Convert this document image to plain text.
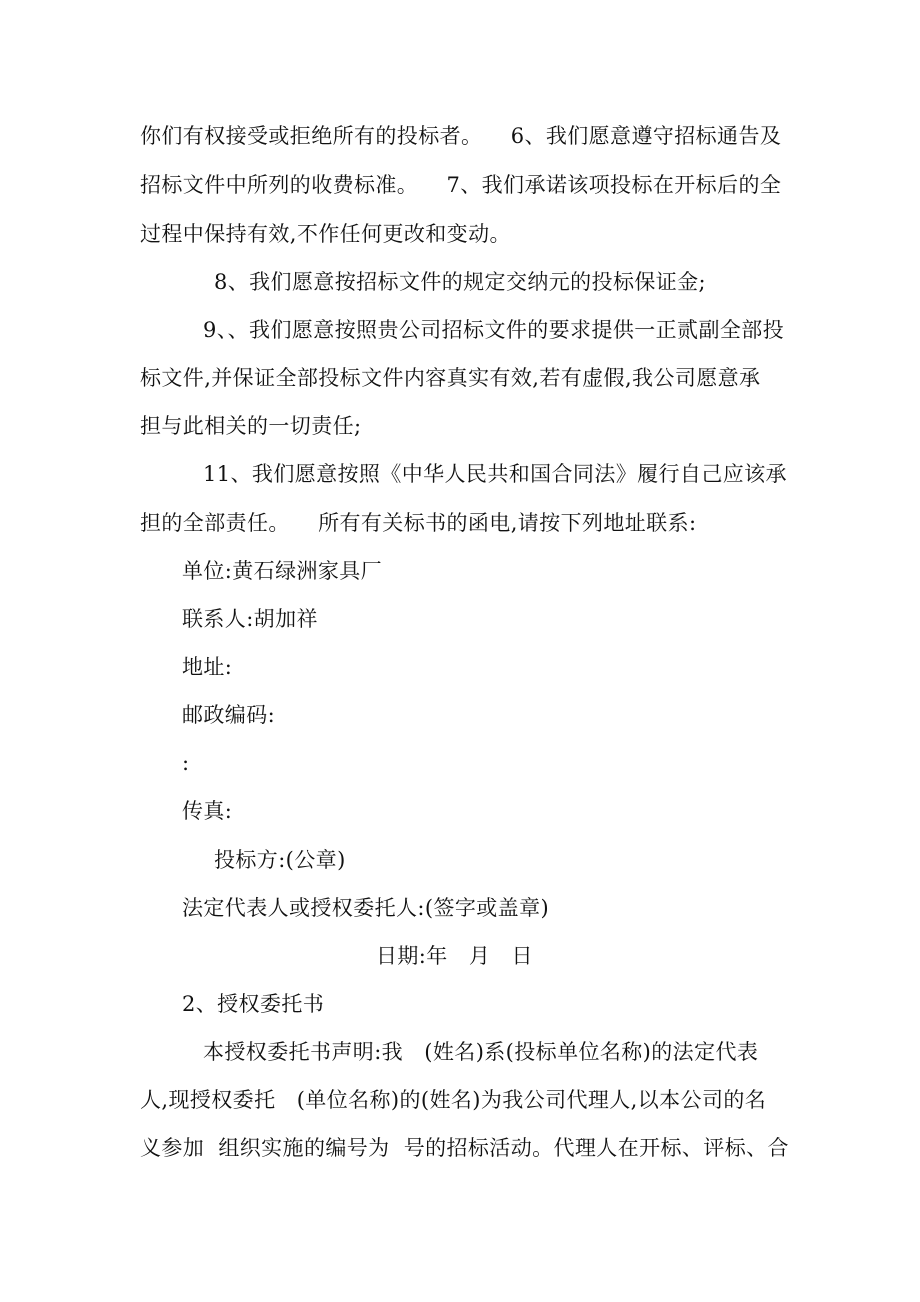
你们有权接受或拒绝所有的投标者。    6、我们愿意遵守招标通告及
招标文件中所列的收费标准。    7、我们承诺该项投标在开标后的全
过程中保持有效,不作任何更改和变动。
8、我们愿意按招标文件的规定交纳元的投标保证金;
9、、我们愿意按照贵公司招标文件的要求提供一正贰副全部投
标文件,并保证全部投标文件内容真实有效,若有虚假,我公司愿意承
担与此相关的一切责任;
11、我们愿意按照《中华人民共和国合同法》履行自己应该承
担的全部责任。    所有有关标书的函电,请按下列地址联系:
单位:黄石绿洲家具厂
联系人:胡加祥
地址:
邮政编码:
:
传真:
投标方:(公章)
法定代表人或授权委托人:(签字或盖章)
日期:年   月   日
2、授权委托书
本授权委托书声明:我   (姓名)系(投标单位名称)的法定代表
人,现授权委托   (单位名称)的(姓名)为我公司代理人,以本公司的名
义参加  组织实施的编号为  号的招标活动。代理人在开标、评标、合
